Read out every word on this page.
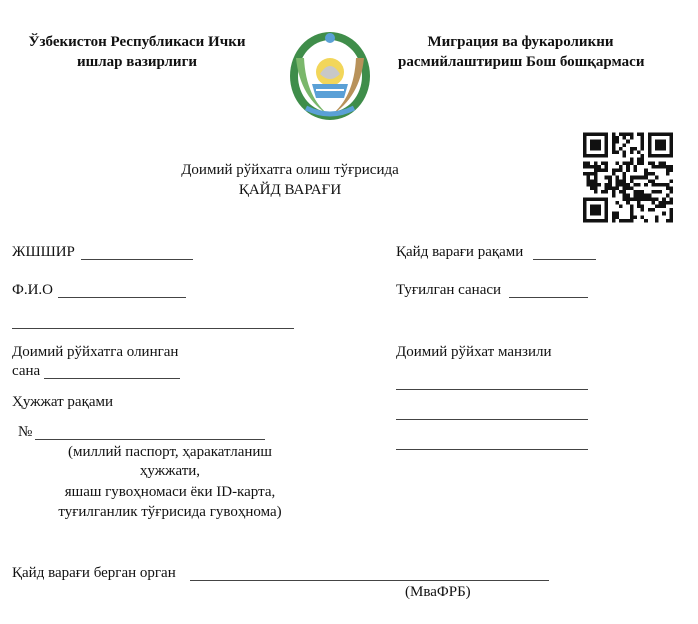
Ўзбекистон Республикаси Ички
ишлар вазирлиги
Миграция ва фукароликни
расмийлаштириш Бош бошқармаси
Доимий рўйхатга олиш тўғрисида
ҚАЙД ВАРАҒИ
ЖШШИР
Ф.И.О
Доимий рўйхатга олинган
сана
Ҳужжат рақами
№
(миллий паспорт, ҳаракатланиш
ҳужжати,
яшаш гувоҳномаси ёки ID-карта,
туғилганлик тўғрисида гувоҳнома)
Қайд варағи рақами
Туғилган санаси
Доимий рўйхат манзили
Қайд варағи берган орган
(МваФРБ)
